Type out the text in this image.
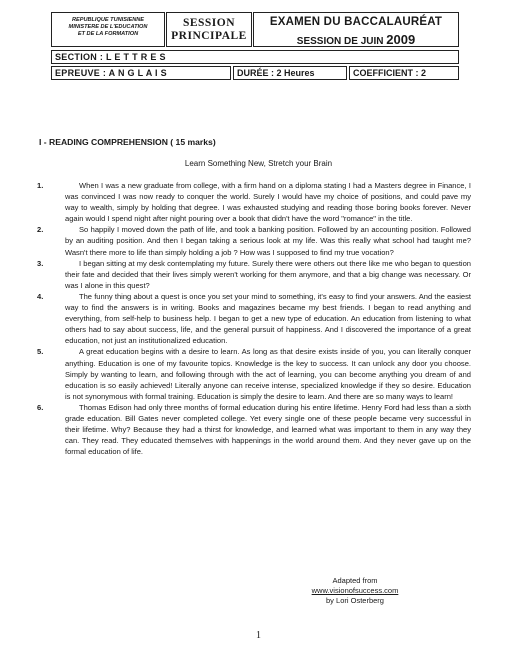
REPUBLIQUE TUNISIENNE
MINISTERE DE L'EDUCATION
ET DE LA FORMATION
SESSION
PRINCIPALE
EXAMEN DU BACCALAURÉAT
SESSION DE JUIN 2009
SECTION : L E T T R E S
EPREUVE : A N G L A I S	DURÉE : 2 Heures	COEFFICIENT : 2
I - READING COMPREHENSION ( 15 marks)
Learn Something New, Stretch your Brain
1.	When I was a new graduate from college, with a firm hand on a diploma stating I had a Masters degree in Finance, I was convinced I was now ready to conquer the world. Surely I would have my choice of positions, and could pave my way to wealth, simply by holding that degree. I was exhausted studying and reading those boring books forever. Never again would I spend night after night pouring over a book that didn't have the word "romance" in the title.
2.	So happily I moved down the path of life, and took a banking position. Followed by an accounting position. Followed by an auditing position. And then I began taking a serious look at my life. Was this really what school had taught me? Wasn't there more to life than simply holding a job ? How was I supposed to find my true vocation?
3.	I began sitting at my desk contemplating my future. Surely there were others out there like me who began to question their fate and decided that their lives simply weren't working for them anymore, and that a big change was necessary. Or was I alone in this quest?
4.	The funny thing about a quest is once you set your mind to something, it's easy to find your answers. And the easiest way to find the answers is in writing. Books and magazines became my best friends. I began to read anything and everything, from self-help to business help. I began to get a new type of education. An education from listening to what others had to say about success, life, and the general pursuit of happiness. And I discovered the importance of a great education, not just an institutionalized education.
5.	A great education begins with a desire to learn. As long as that desire exists inside of you, you can literally conquer anything. Education is one of my favourite topics. Knowledge is the key to success. It can unlock any door you choose. Simply by wanting to learn, and following through with the act of learning, you can become anything you dream of and education is so easily achieved! Literally anyone can receive intense, specialized knowledge if they so desire. Education is not synonymous with formal training. Education is simply the desire to learn. And there are so many ways to learn!
6.	Thomas Edison had only three months of formal education during his entire lifetime. Henry Ford had less than a sixth grade education. Bill Gates never completed college. Yet every single one of these people became very successful in their lifetime. Why? Because they had a thirst for knowledge, and learned what was important to them in any way they can. They read. They educated themselves with happenings in the world around them. And they never gave up on the formal education of life.
Adapted from
www.visionofsuccess.com
by Lori Osterberg
1
